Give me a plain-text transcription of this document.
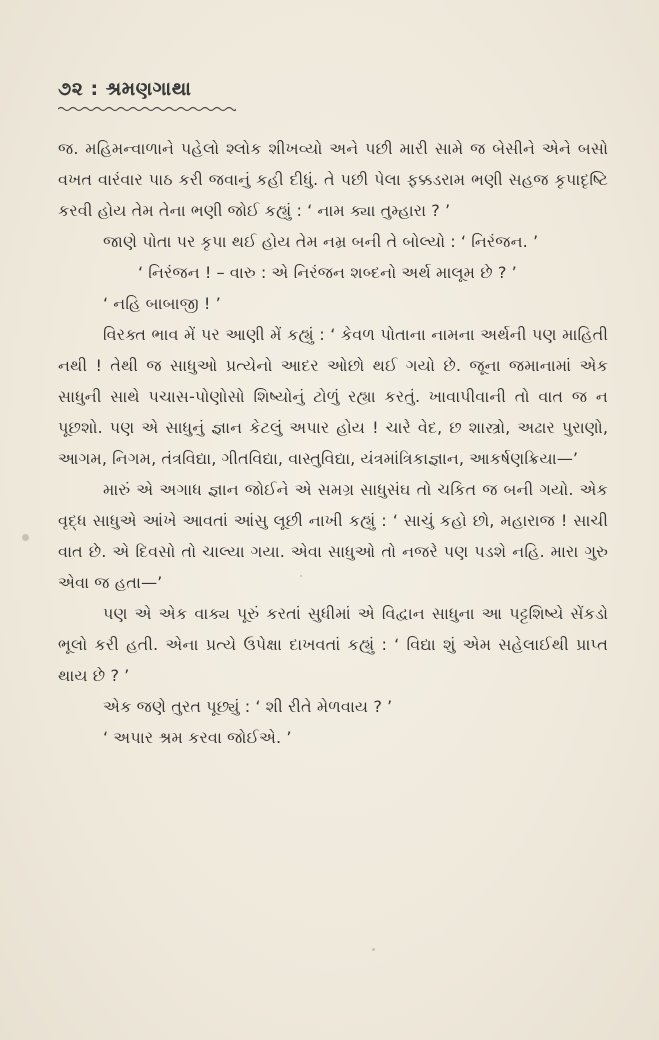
૭૨ : શ્રમણગાથા

જ. મહિમન્વાળાને પહેલો શ્લોક શીખવ્યો અને પછી મારી સામે જ બેસીને એને બસો વખત વારંવાર પાઠ કરી જવાનું કહી દીધું. તે પછી પેલા ફક્કડરામ ભણી સહજ કૃપાદૃષ્ટિ કરવી હોય તેમ તેના ભણી જોઈ કહ્યું : ‘ નામ ક્યા તુમ્હારા ? ’

જાણે પોતા પર કૃપા થઈ હોય તેમ નમ્ર બની તે બોલ્યો : ‘ નિરંજન. ’

‘ નિરંજન ! – વારુ : એ નિરંજન શબ્દનો અર્થ માલૂમ છે ? ’

‘ નહિ બાબાજી ! ’

વિરક્ત ભાવ મેં પર આણી મેં કહ્યું : ‘ કેવળ પોતાના નામના અર્થની પણ માહિતી નથી ! તેથી જ સાધુઓ પ્રત્યેનો આદર ઓછો થઈ ગયો છે. જૂના જમાનામાં એક સાધુની સાથે પચાસ-પોણોસો શિષ્યોનું ટોળું રહ્યા કરતું. ખાવાપીવાની તો વાત જ ન પૂછશો. પણ એ સાધુનું જ્ઞાન કેટલું અપાર હોય ! ચારે વેદ, છ શાસ્ત્રો, અઢાર પુરાણો, આગમ, નિગમ, તંત્રવિદ્યા, ગીતવિદ્યા, વાસ્તુવિદ્યા, યંત્રમાંત્રિકાજ્ઞાન, આકર્ષણક્રિયા—’

મારું એ અગાધ જ્ઞાન જોઈને એ સમગ્ર સાધુસંઘ તો ચકિત જ બની ગયો. એક વૃદ્ધ સાધુએ આંખે આવતાં આંસુ લૂછી નાખી કહ્યું : ‘ સાચું કહો છો, મહારાજ ! સાચી વાત છે. એ દિવસો તો ચાલ્યા ગયા. એવા સાધુઓ તો નજરે પણ પડશે નહિ. મારા ગુરુ એવા જ હતા—’

પણ એ એક વાક્ય પૂરું કરતાં સુધીમાં એ વિદ્વાન સાધુના આ પટ્ટશિષ્યે સેંકડો ભૂલો કરી હતી. એના પ્રત્યે ઉપેક્ષા દાખવતાં કહ્યું : ‘ વિદ્યા શું એમ સહેલાઈથી પ્રાપ્ત થાય છે ? ’

એક જણે તુરત પૂછ્યું : ‘ શી રીતે મેળવાય ? ’

‘ અપાર શ્રમ કરવા જોઈએ. ’
